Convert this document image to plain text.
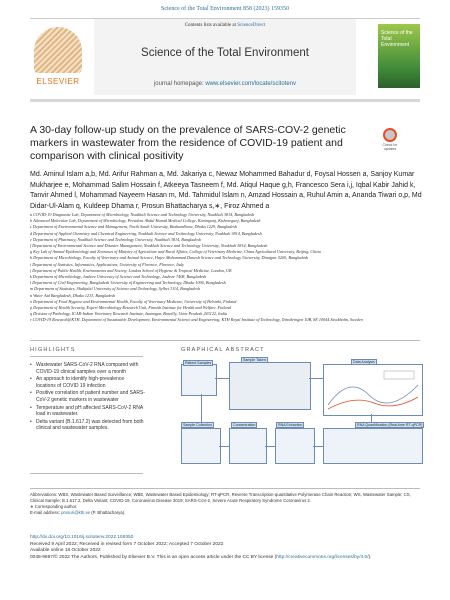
Science of the Total Environment 858 (2023) 159350
ELSEVIER
Contents lists available at ScienceDirect
Science of the Total Environment
journal homepage: www.elsevier.com/locate/scitotenv
Science of the Total Environment
A 30-day follow-up study on the prevalence of SARS-COV-2 genetic markers in wastewater from the residence of COVID-19 patient and comparison with clinical positivity
Check for updates
Md. Aminul Islam a,b, Md. Arifur Rahman a, Md. Jakariya c, Newaz Mohammed Bahadur d, Foysal Hossen a, Sanjoy Kumar Mukharjee e, Mohammad Salim Hossain f, Atkeeya Tasneem f, Md. Atiqul Haque g,h, Francesco Sera i,j, Iqbal Kabir Jahid k, Tanvir Ahmed l, Mohammad Nayeem Hasan m, Md. Tahmidul Islam n, Amzad Hossain a, Ruhul Amin a, Ananda Tiwari o,p, Md Didar-Ul-Alam q, Kuldeep Dhama r, Prosun Bhattacharya s,∗, Firoz Ahmed a
a COVID-19 Diagnostic Lab, Department of Microbiology, Noakhali Science and Technology University, Noakhali 3814, Bangladesh
b Advanced Molecular Lab, Department of Microbiology, President Abdul Hamid Medical College, Karimganj, Kishoreganj, Bangladesh
c Department of Environmental Science and Management, North South University, Bashundhara, Dhaka 1229, Bangladesh
d Department of Applied Chemistry and Chemical Engineering, Noakhali Science and Technology University, Noakhali 3814, Bangladesh
e Department of Pharmacy, Noakhali Science and Technology University, Noakhali 3814, Bangladesh
f Department of Environmental Science and Disaster Management, Noakhali Science and Technology University, Noakhali 3814, Bangladesh
g Key Lab of Animal Epidemiology and Zoonoses of Ministry of Agriculture and Rural Affairs, College of Veterinary Medicine, China Agricultural University, Beijing, China
h Department of Microbiology, Faculty of Veterinary and Animal Science, Hajee Mohammad Danesh Science and Technology University, Dinajpur 5200, Bangladesh
i Department of Statistics, Informatics, Applications, University of Florence, Florence, Italy
j Department of Public Health, Environments and Society, London School of Hygiene & Tropical Medicine, London, UK
k Department of Microbiology, Jashore University of Science and Technology, Jashore 7408, Bangladesh
l Department of Civil Engineering, Bangladesh University of Engineering and Technology, Dhaka 1000, Bangladesh
m Department of Statistics, Shahjalal University of Science and Technology, Sylhet 3114, Bangladesh
n Water Aid Bangladesh, Dhaka 1213, Bangladesh
o Department of Food Hygiene and Environmental Health, Faculty of Veterinary Medicine, University of Helsinki, Finland
p Department of Health Security, Expert Microbiology Research Unit, Finnish Institute for Health and Welfare, Finland
q Division of Pathology, ICAR-Indian Veterinary Research Institute, Izatnagar, Bareilly, Uttar Pradesh 243122, India
r COVID-19 Research@KTH, Department of Sustainable Development, Environmental Science and Engineering, KTH Royal Institute of Technology, Teknikringen 10B, SE 10044 Stockholm, Sweden
HIGHLIGHTS	GRAPHICAL ABSTRACT
• Wastewater SARS-CoV-2 RNA compared with COVID-19 clinical samples over a month
• An approach to identify high-prevalence locations of COVID 19 infection
• Positive correlation of patient number and SARS-CoV-2 genetic markers in wastewater
• Temperature and pH affected SARS-CoV-2 RNA load in wastewater.
• Delta variant (B.1.617.2) was detected from both clinical and wastewater samples.
Patient Samples
Sample Taken	Data Analysis
Sample Collection	Concentration	RNA Extraction	RNA Quantification (Real-time RT-qPCR)
Abbreviations: WBS, Wastewater Based Surveillance; WBE, Wastewater Based Epidemiology; RT-qPCR, Reverse Transcription-quantitative Polymerase Chain Reaction; WS, Wastewater Sample; CS, Clinical Sample; B.1.617.2, Delta Variant; COVID-19, Coronavirus Disease 2019; SARS-CoV-2, Severe Acute Respiratory Syndrome Coronavirus 2.
∗ Corresponding author.
E-mail address: prosun@kth.se (P. Bhattacharya).
http://dx.doi.org/10.1016/j.scitotenv.2022.159350
Received 9 April 2022; Received in revised form 7 October 2022; Accepted 7 October 2022
Available online 18 October 2022
0048-9697/© 2022 The Authors. Published by Elsevier B.V. This is an open access article under the CC BY license (http://creativecommons.org/licenses/by/4.0/).
